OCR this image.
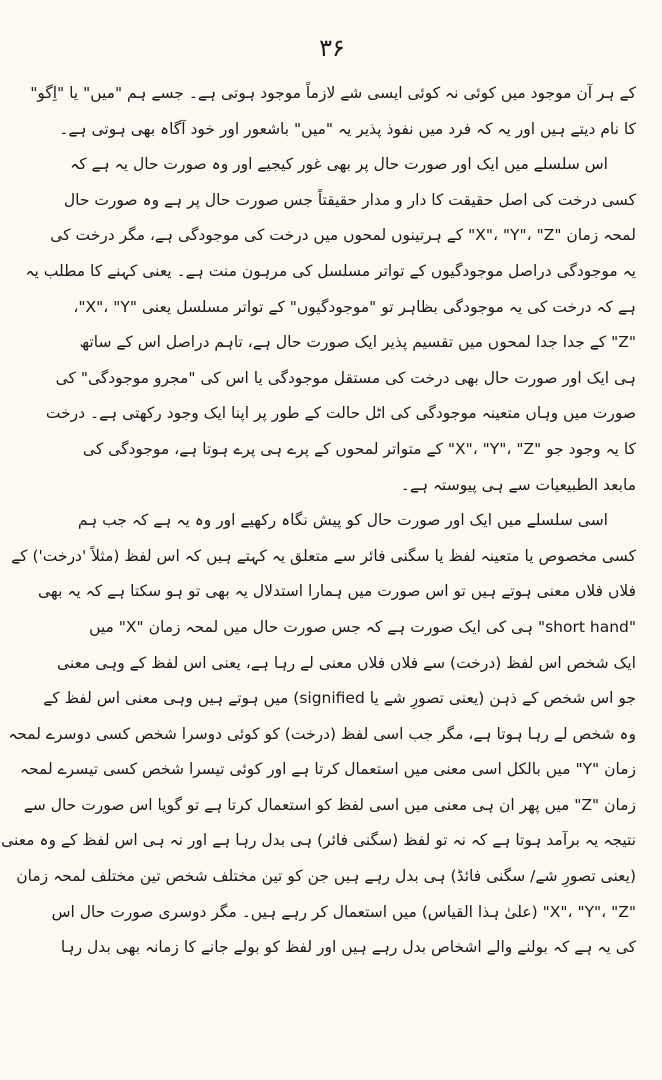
۳۶
کے ہر آن موجود میں کوئی نہ کوئی ایسی شے لازماً موجود ہوتی ہے۔ جسے ہم "میں" یا "اِگو"
کا نام دیتے ہیں اور یہ کہ فرد میں نفوذ پذیر یہ "میں" باشعور اور خود آگاہ بھی ہوتی ہے۔
اس سلسلے میں ایک اور صورت حال پر بھی غور کیجیے اور وہ صورت حال یہ ہے کہ
کسی درخت کی اصل حقیقت کا دار و مدار حقیقتاً جس صورت حال پر ہے وہ صورت حال
لمحہ زمان "X"، "Y"، "Z" کے ہرتینوں لمحوں میں درخت کی موجودگی ہے، مگر درخت کی
یہ موجودگی دراصل موجودگیوں کے تواتر مسلسل کی مرہون منت ہے۔ یعنی کہنے کا مطلب یہ
ہے کہ درخت کی یہ موجودگی بظاہر تو "موجودگیوں" کے تواتر مسلسل یعنی "X"، "Y"،
"Z" کے جدا جدا لمحوں میں تقسیم پذیر ایک صورت حال ہے، تاہم دراصل اس کے ساتھ
ہی ایک اور صورت حال بھی درخت کی مستقل موجودگی یا اس کی "مجرو موجودگی" کی
صورت میں وہاں متعینہ موجودگی کی اٹل حالت کے طور پر اپنا ایک وجود رکھتی ہے۔ درخت
کا یہ وجود جو "X"، "Y"، "Z" کے متواتر لمحوں کے پرے ہی پرے ہوتا ہے، موجودگی کی
مابعد الطبیعیات سے ہی پیوستہ ہے۔
اسی سلسلے میں ایک اور صورت حال کو پیش نگاہ رکھیے اور وہ یہ ہے کہ جب ہم
کسی مخصوص یا متعینہ لفظ یا سگنی فائر سے متعلق یہ کہتے ہیں کہ اس لفظ (مثلاً 'درخت') کے
فلاں فلاں معنی ہوتے ہیں تو اس صورت میں ہمارا استدلال یہ بھی تو ہو سکتا ہے کہ یہ بھی
"short hand" ہی کی ایک صورت ہے کہ جس صورت حال میں لمحہ زمان "X" میں
ایک شخص اس لفظ (درخت) سے فلاں فلاں معنی لے رہا ہے، یعنی اس لفظ کے وہی معنی
جو اس شخص کے ذہن (یعنی تصورِ شے یا signified) میں ہوتے ہیں وہی معنی اس لفظ کے
وہ شخص لے رہا ہوتا ہے، مگر جب اسی لفظ (درخت) کو کوئی دوسرا شخص کسی دوسرے لمحہ
زمان "Y" میں بالکل اسی معنی میں استعمال کرتا ہے اور کوئی تیسرا شخص کسی تیسرے لمحہ
زمان "Z" میں پھر ان ہی معنی میں اسی لفظ کو استعمال کرتا ہے تو گویا اس صورت حال سے
نتیجہ یہ برآمد ہوتا ہے کہ نہ تو لفظ (سگنی فائر) ہی بدل رہا ہے اور نہ ہی اس لفظ کے وہ معنی
(یعنی تصورِ شے/ سگنی فائڈ) ہی بدل رہے ہیں جن کو تین مختلف شخص تین مختلف لمحہ زمان
"X"، "Y"، "Z" (علیٰ ہذا القیاس) میں استعمال کر رہے ہیں۔ مگر دوسری صورت حال اس
کی یہ ہے کہ بولنے والے اشخاص بدل رہے ہیں اور لفظ کو بولے جانے کا زمانہ بھی بدل رہا
